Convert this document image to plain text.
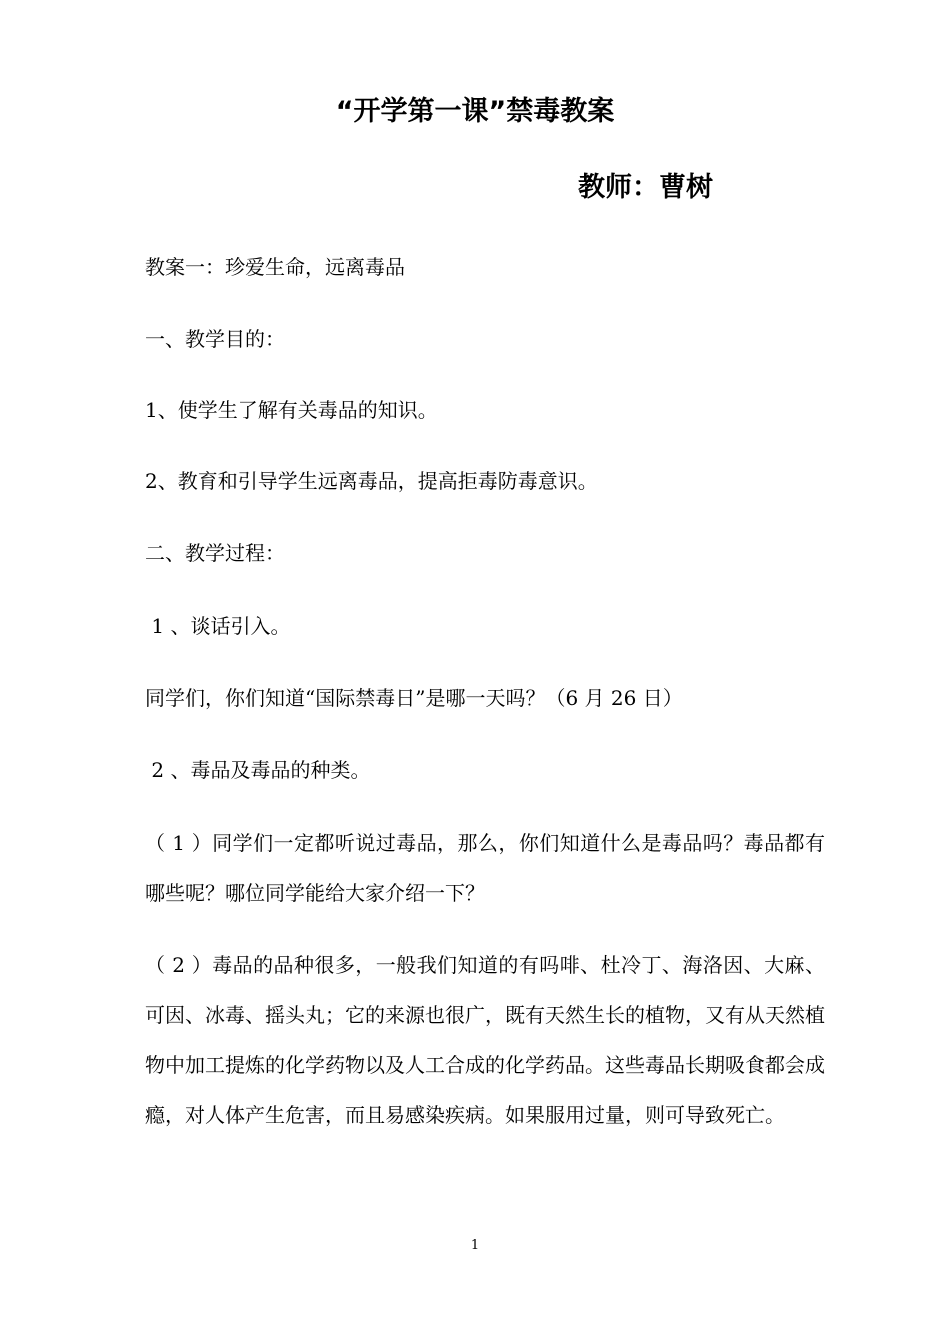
“开学第一课”禁毒教案

教师：曹树

教案一：珍爱生命，远离毒品

一、教学目的：

1、使学生了解有关毒品的知识。

2、教育和引导学生远离毒品，提高拒毒防毒意识。

二、教学过程：

1 、谈话引入。

同学们，你们知道“国际禁毒日”是哪一天吗？（6 月 26 日）

2 、毒品及毒品的种类。

（ 1 ）同学们一定都听说过毒品，那么，你们知道什么是毒品吗？毒品都有哪些呢？哪位同学能给大家介绍一下？

（ 2 ）毒品的品种很多，一般我们知道的有吗啡、杜冷丁、海洛因、大麻、可因、冰毒、摇头丸；它的来源也很广，既有天然生长的植物，又有从天然植物中加工提炼的化学药物以及人工合成的化学药品。这些毒品长期吸食都会成瘾，对人体产生危害，而且易感染疾病。如果服用过量，则可导致死亡。

1
